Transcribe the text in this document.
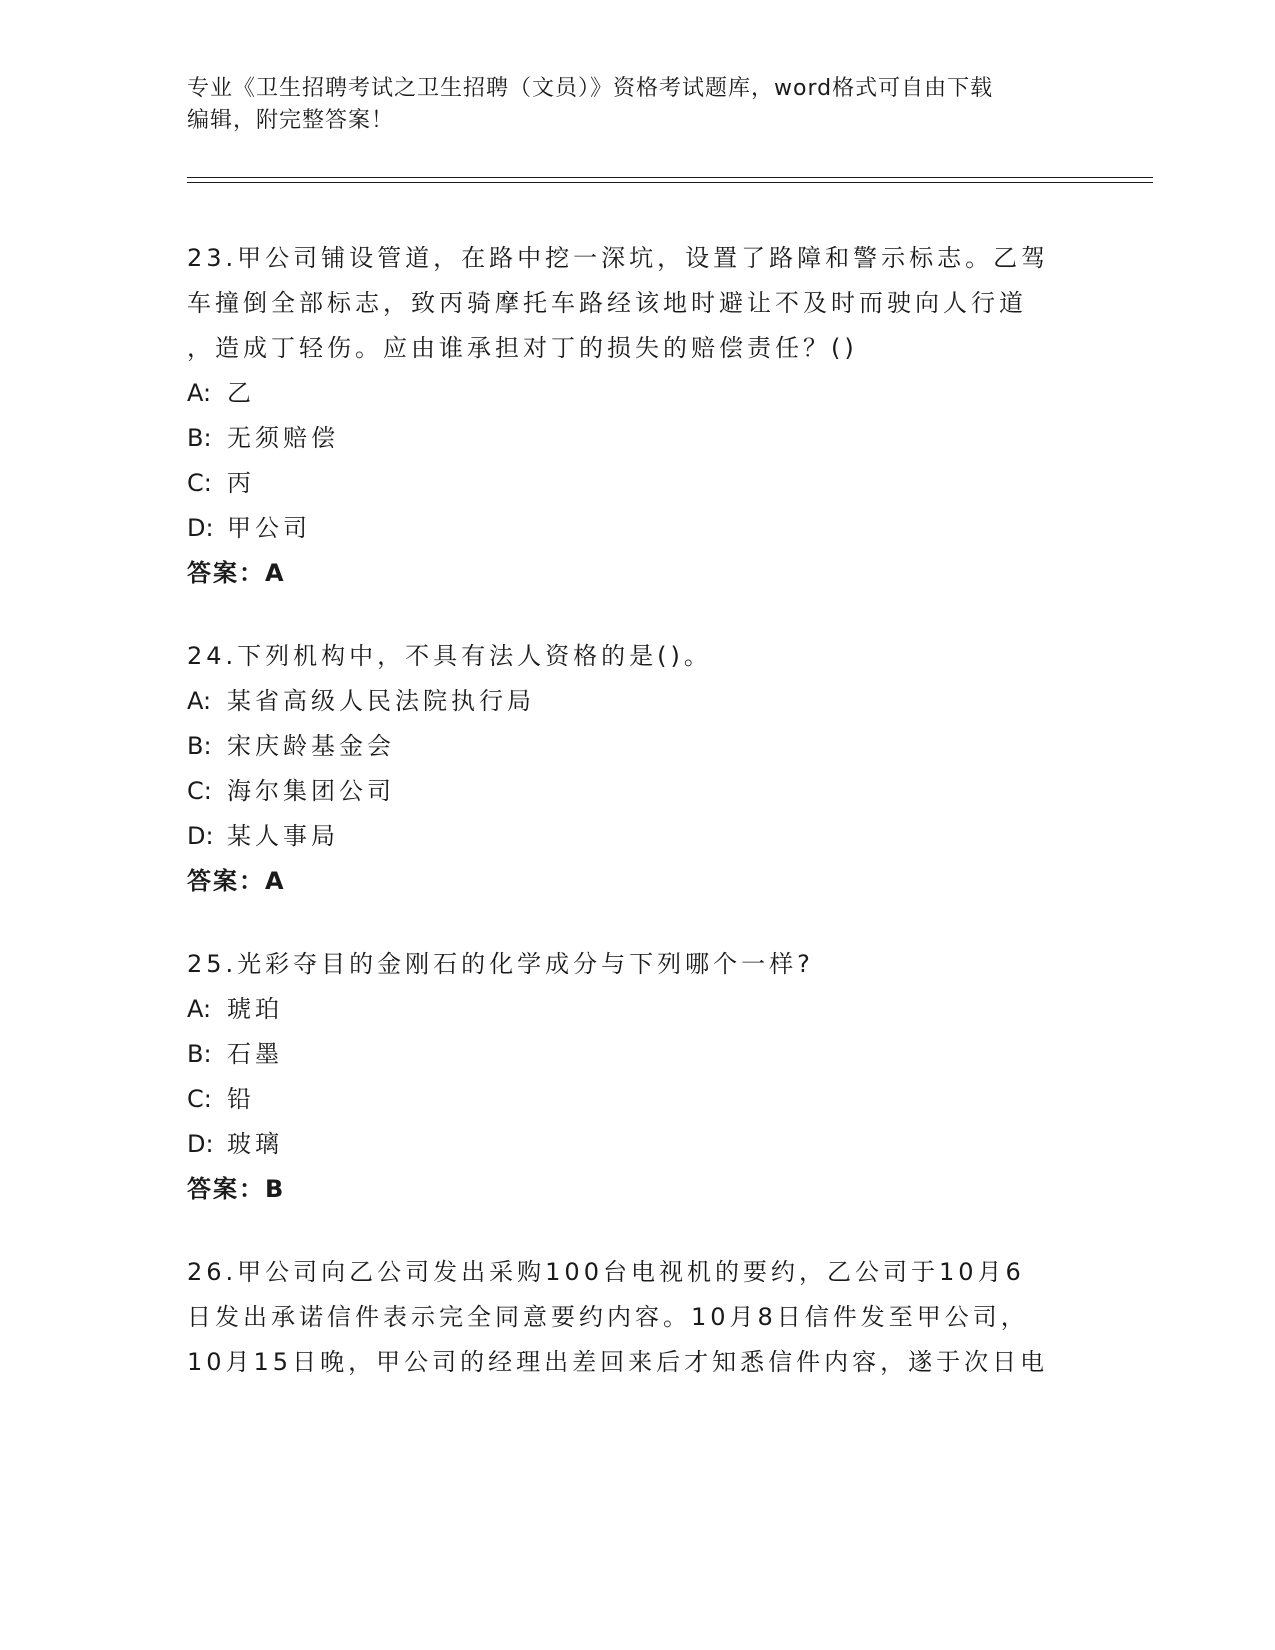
专业《卫生招聘考试之卫生招聘（文员）》资格考试题库，word格式可自由下载
编辑，附完整答案！
23.甲公司铺设管道，在路中挖一深坑，设置了路障和警示标志。乙驾
车撞倒全部标志，致丙骑摩托车路经该地时避让不及时而驶向人行道
，造成丁轻伤。应由谁承担对丁的损失的赔偿责任？()
A: 乙
B: 无须赔偿
C: 丙
D: 甲公司
答案：A
24.下列机构中，不具有法人资格的是()。
A: 某省高级人民法院执行局
B: 宋庆龄基金会
C: 海尔集团公司
D: 某人事局
答案：A
25.光彩夺目的金刚石的化学成分与下列哪个一样?
A: 琥珀
B: 石墨
C: 铅
D: 玻璃
答案：B
26.甲公司向乙公司发出采购100台电视机的要约，乙公司于10月6
日发出承诺信件表示完全同意要约内容。10月8日信件发至甲公司，
10月15日晚，甲公司的经理出差回来后才知悉信件内容，遂于次日电
